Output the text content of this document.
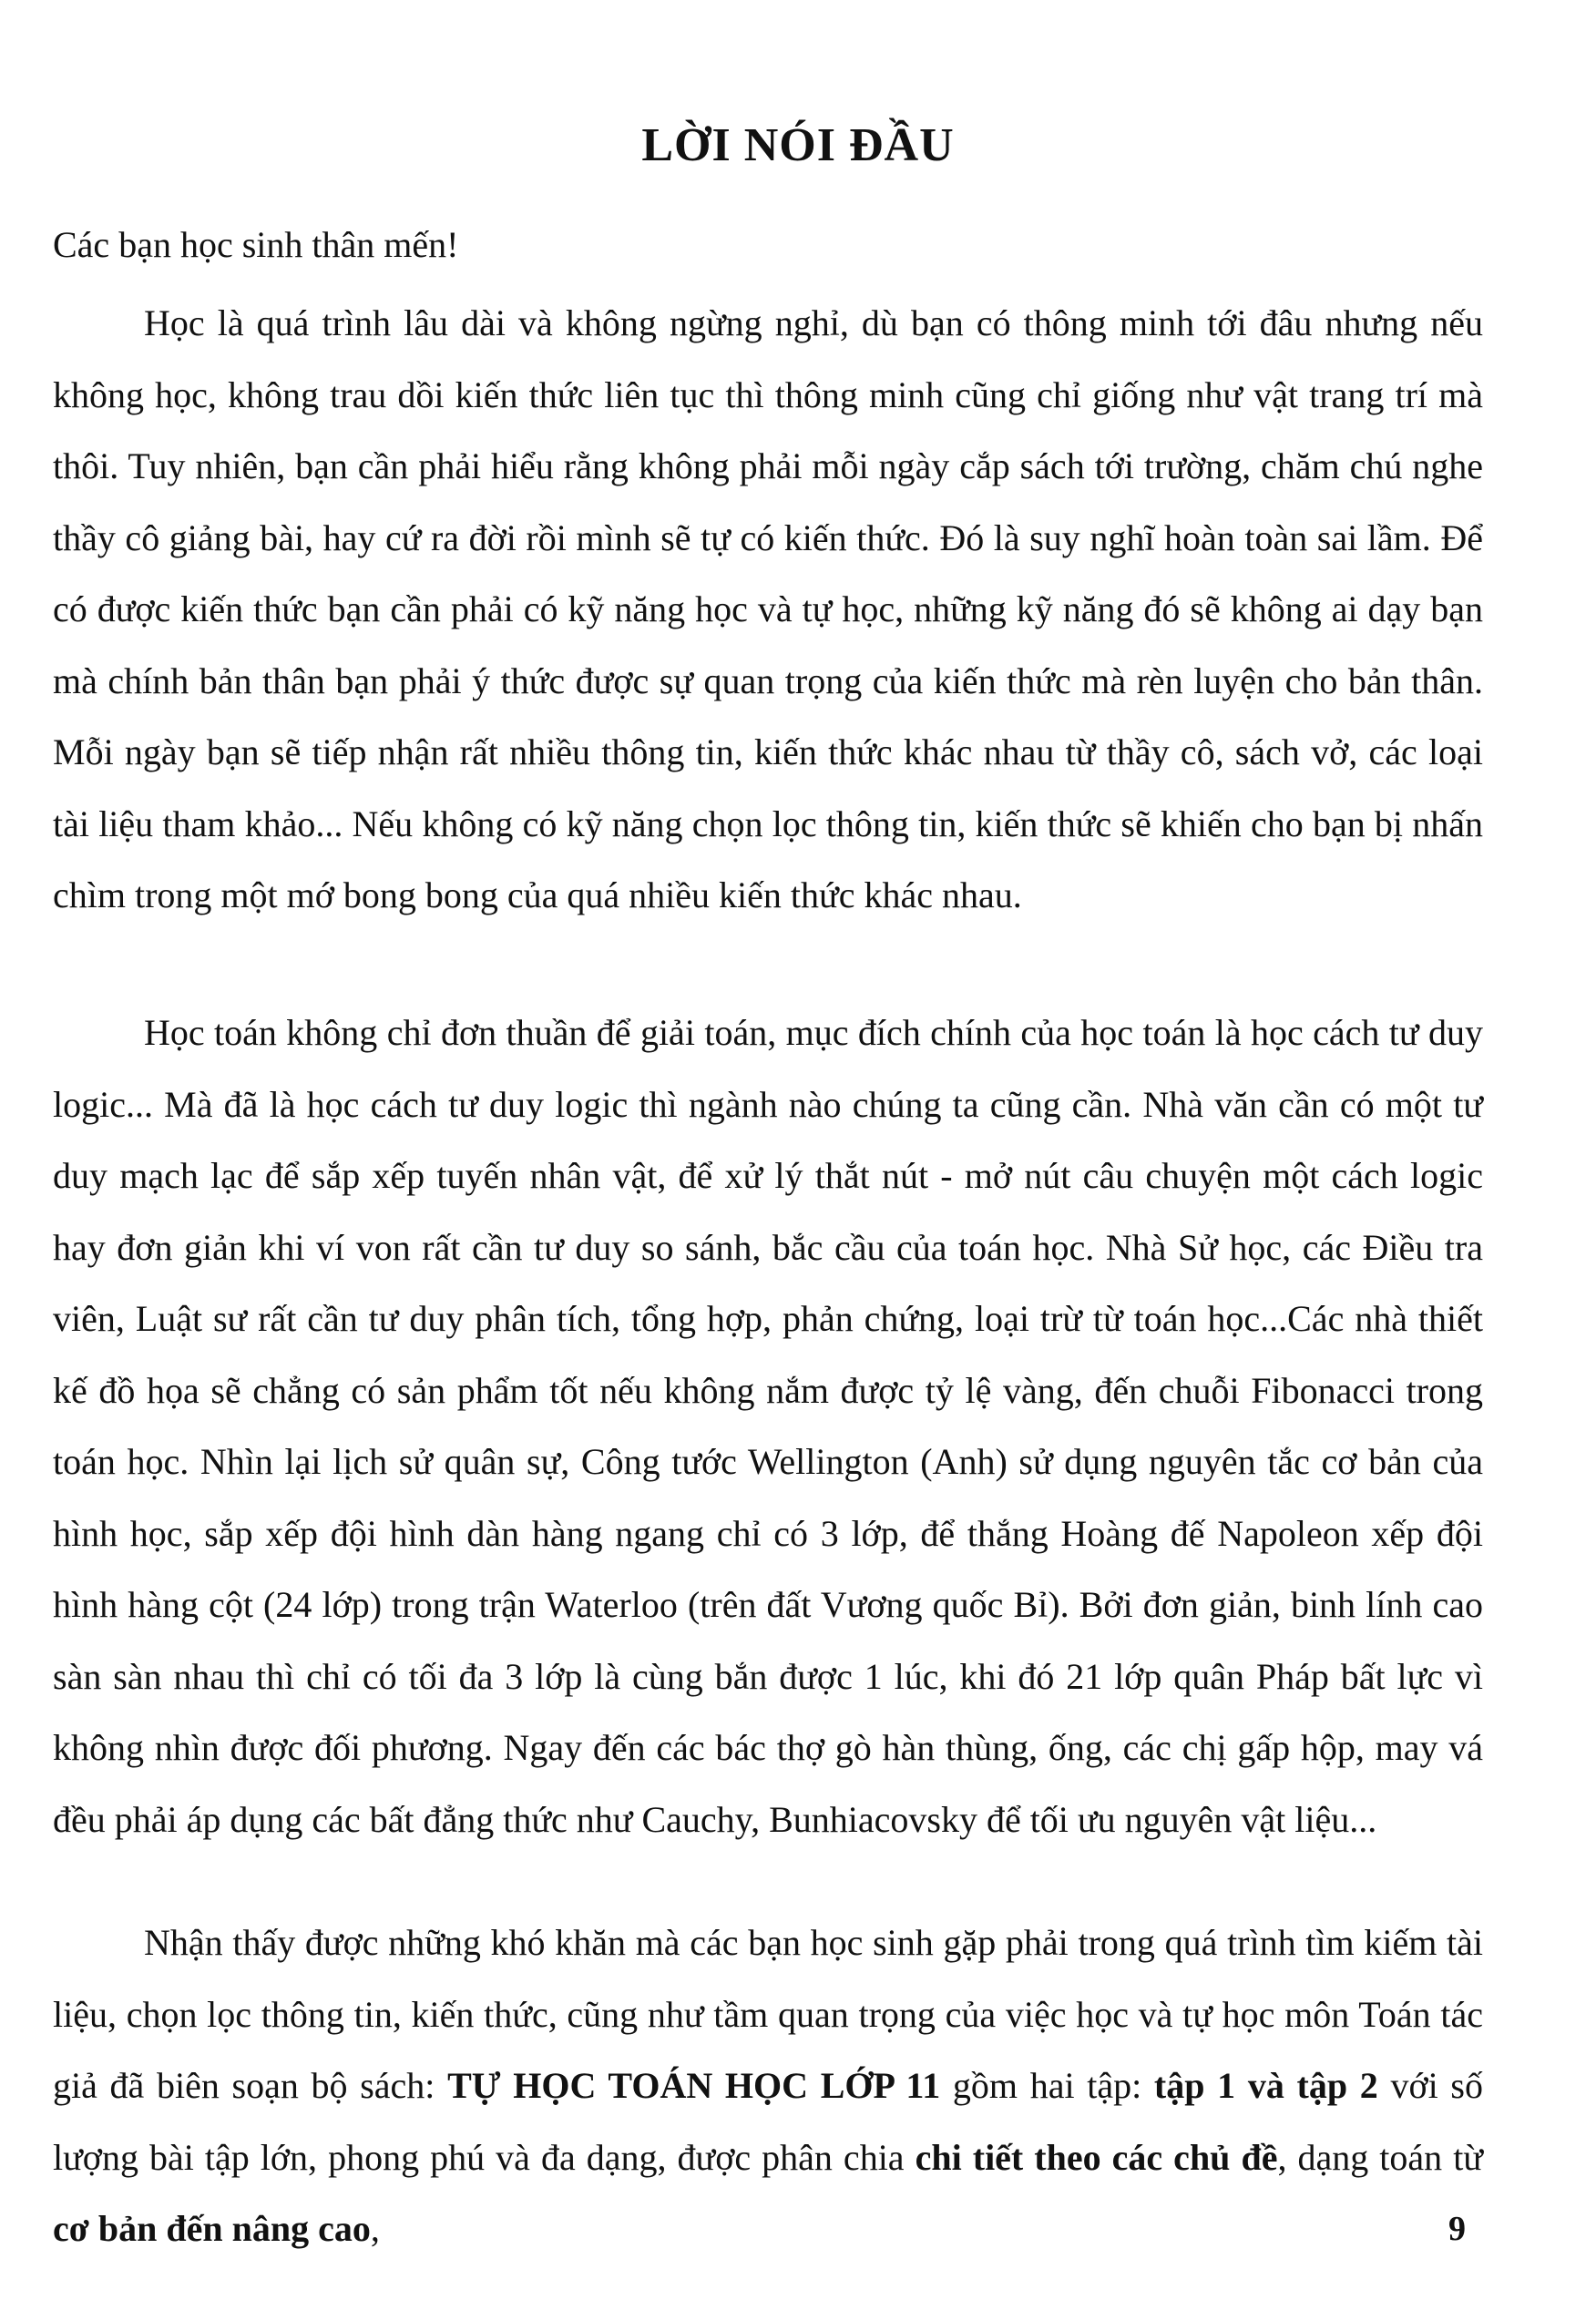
LỜI NÓI ĐẦU

Các bạn học sinh thân mến!

Học là quá trình lâu dài và không ngừng nghỉ, dù bạn có thông minh tới đâu nhưng nếu không học, không trau dồi kiến thức liên tục thì thông minh cũng chỉ giống như vật trang trí mà thôi. Tuy nhiên, bạn cần phải hiểu rằng không phải mỗi ngày cắp sách tới trường, chăm chú nghe thầy cô giảng bài, hay cứ ra đời rồi mình sẽ tự có kiến thức. Đó là suy nghĩ hoàn toàn sai lầm. Để có được kiến thức bạn cần phải có kỹ năng học và tự học, những kỹ năng đó sẽ không ai dạy bạn mà chính bản thân bạn phải ý thức được sự quan trọng của kiến thức mà rèn luyện cho bản thân. Mỗi ngày bạn sẽ tiếp nhận rất nhiều thông tin, kiến thức khác nhau từ thầy cô, sách vở, các loại tài liệu tham khảo... Nếu không có kỹ năng chọn lọc thông tin, kiến thức sẽ khiến cho bạn bị nhấn chìm trong một mớ bong bong của quá nhiều kiến thức khác nhau.

Học toán không chỉ đơn thuần để giải toán, mục đích chính của học toán là học cách tư duy logic... Mà đã là học cách tư duy logic thì ngành nào chúng ta cũng cần. Nhà văn cần có một tư duy mạch lạc để sắp xếp tuyến nhân vật, để xử lý thắt nút - mở nút câu chuyện một cách logic hay đơn giản khi ví von rất cần tư duy so sánh, bắc cầu của toán học. Nhà Sử học, các Điều tra viên, Luật sư rất cần tư duy phân tích, tổng hợp, phản chứng, loại trừ từ toán học...Các nhà thiết kế đồ họa sẽ chẳng có sản phẩm tốt nếu không nắm được tỷ lệ vàng, đến chuỗi Fibonacci trong toán học. Nhìn lại lịch sử quân sự, Công tước Wellington (Anh) sử dụng nguyên tắc cơ bản của hình học, sắp xếp đội hình dàn hàng ngang chỉ có 3 lớp, để thắng Hoàng đế Napoleon xếp đội hình hàng cột (24 lớp) trong trận Waterloo (trên đất Vương quốc Bỉ). Bởi đơn giản, binh lính cao sàn sàn nhau thì chỉ có tối đa 3 lớp là cùng bắn được 1 lúc, khi đó 21 lớp quân Pháp bất lực vì không nhìn được đối phương. Ngay đến các bác thợ gò hàn thùng, ống, các chị gấp hộp, may vá đều phải áp dụng các bất đẳng thức như Cauchy, Bunhiacovsky để tối ưu nguyên vật liệu...

Nhận thấy được những khó khăn mà các bạn học sinh gặp phải trong quá trình tìm kiếm tài liệu, chọn lọc thông tin, kiến thức, cũng như tầm quan trọng của việc học và tự học môn Toán tác giả đã biên soạn bộ sách: TỰ HỌC TOÁN HỌC LỚP 11 gồm hai tập: tập 1 và tập 2 với số lượng bài tập lớn, phong phú và đa dạng, được phân chia chi tiết theo các chủ đề, dạng toán từ cơ bản đến nâng cao,	9
